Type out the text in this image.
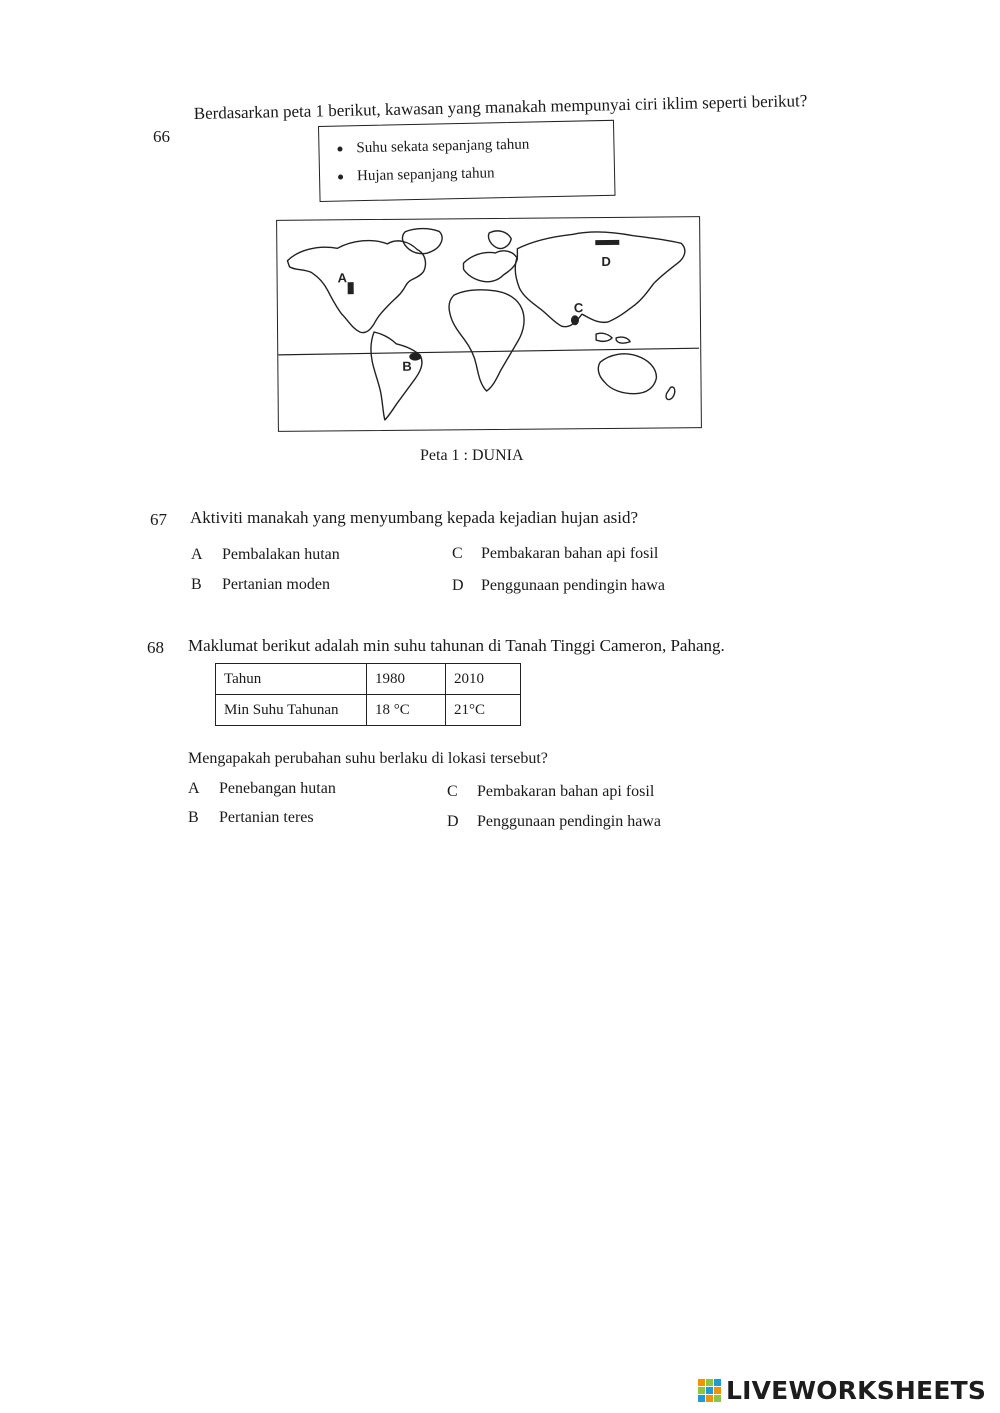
66
Berdasarkan peta 1 berikut, kawasan yang manakah mempunyai ciri iklim seperti berikut?
Suhu sekata sepanjang tahun
Hujan sepanjang tahun
A
B
C
D
Peta 1 : DUNIA
67 Aktiviti manakah yang menyumbang kepada kejadian hujan asid?
A Pembalakan hutan
B Pertanian moden
C Pembakaran bahan api fosil
D Penggunaan pendingin hawa
68 Maklumat berikut adalah min suhu tahunan di Tanah Tinggi Cameron, Pahang.
Tahun	1980	2010
Min Suhu Tahunan	18 °C	21°C
Mengapakah perubahan suhu berlaku di lokasi tersebut?
A Penebangan hutan
B Pertanian teres
C Pembakaran bahan api fosil
D Penggunaan pendingin hawa
LIVEWORKSHEETS
